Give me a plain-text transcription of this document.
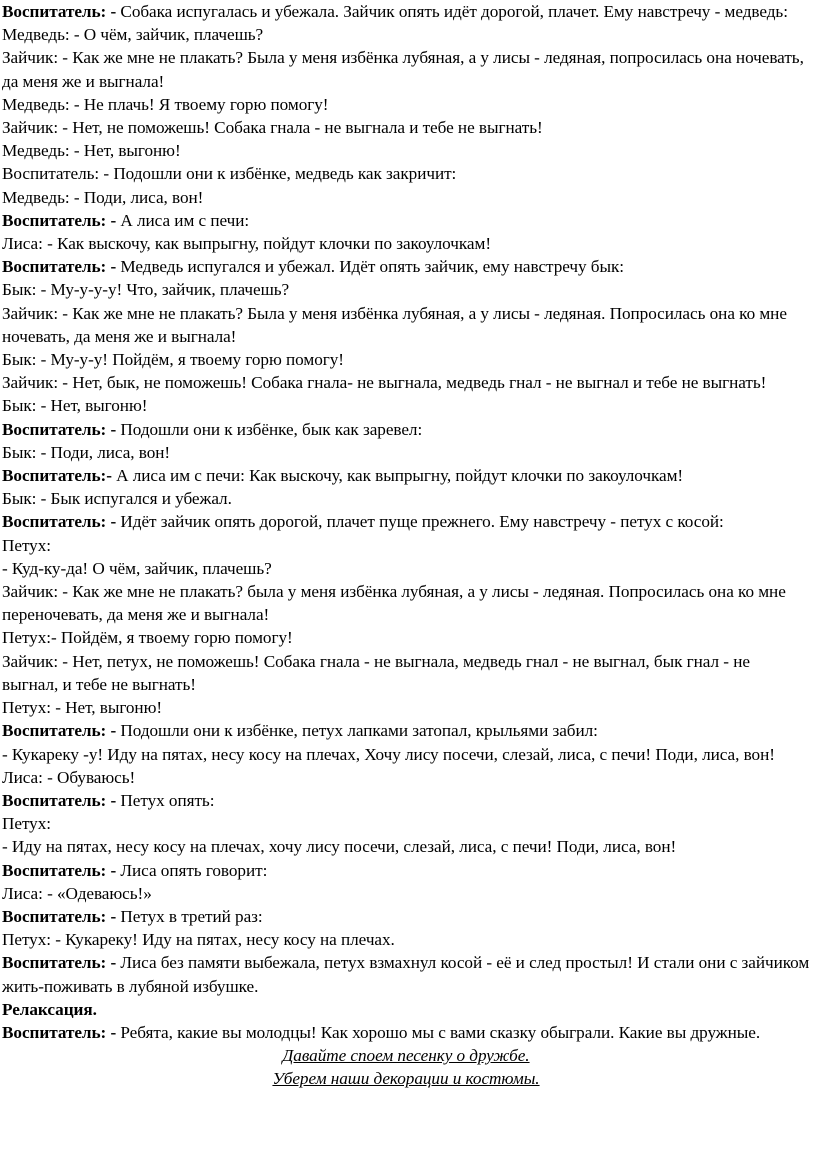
Воспитатель: - Собака испугалась и убежала. Зайчик опять идёт дорогой, плачет. Ему навстречу - медведь:

Медведь: - О чём, зайчик, плачешь?

Зайчик: - Как же мне не плакать? Была у меня избёнка лубяная, а у лисы - ледяная, попросилась она ночевать, да меня же и выгнала!

Медведь: - Не плачь! Я твоему горю помогу!

Зайчик: - Нет, не поможешь! Собака гнала - не выгнала и тебе не выгнать!

Медведь: - Нет, выгоню!

Воспитатель: - Подошли они к избёнке, медведь как закричит:

Медведь: - Поди, лиса, вон!

Воспитатель: - А лиса им с печи:

Лиса: - Как выскочу, как выпрыгну, пойдут клочки по закоулочкам!

Воспитатель: - Медведь испугался и убежал. Идёт опять зайчик, ему навстречу бык:

Бык: - Му-у-у-у! Что, зайчик, плачешь?

Зайчик: - Как же мне не плакать? Была у меня избёнка лубяная, а у лисы - ледяная. Попросилась она ко мне ночевать, да меня же и выгнала!

Бык: - Му-у-у! Пойдём, я твоему горю помогу!

Зайчик: - Нет, бык, не поможешь! Собака гнала- не выгнала, медведь гнал - не выгнал и тебе не выгнать!

Бык: - Нет, выгоню!

Воспитатель: - Подошли они к избёнке, бык как заревел:

Бык: - Поди, лиса, вон!

Воспитатель:- А лиса им с печи: Как выскочу, как выпрыгну, пойдут клочки по закоулочкам!

Бык: - Бык испугался и убежал.

Воспитатель: - Идёт зайчик опять дорогой, плачет пуще прежнего. Ему навстречу - петух с косой:

Петух:

- Куд-ку-да! О чём, зайчик, плачешь?

Зайчик: - Как же мне не плакать? была у меня избёнка лубяная, а у лисы - ледяная. Попросилась она ко мне переночевать, да меня же и выгнала!

Петух:- Пойдём, я твоему горю помогу!

Зайчик: - Нет, петух, не поможешь! Собака гнала - не выгнала, медведь гнал - не выгнал, бык гнал - не выгнал, и тебе не выгнать!

Петух: - Нет, выгоню!

Воспитатель: - Подошли они к избёнке, петух лапками затопал, крыльями забил:

- Кукареку -у! Иду на пятах, несу косу на плечах, Хочу лису посечи, слезай, лиса, с печи! Поди, лиса, вон!

Лиса: - Обуваюсь!

Воспитатель: - Петух опять:

Петух:

- Иду на пятах, несу косу на плечах, хочу лису посечи, слезай, лиса, с печи! Поди, лиса, вон!

Воспитатель: - Лиса опять говорит:

Лиса: - «Одеваюсь!»

Воспитатель: - Петух в третий раз:

Петух: - Кукареку! Иду на пятах, несу косу на плечах.

Воспитатель: - Лиса без памяти выбежала, петух взмахнул косой - её и след простыл! И стали они с зайчиком жить-поживать в лубяной избушке.

Релаксация.

Воспитатель: - Ребята, какие вы молодцы! Как хорошо мы с вами сказку обыграли. Какие вы дружные.

Давайте споем песенку о дружбе.

Уберем наши декорации и костюмы.
